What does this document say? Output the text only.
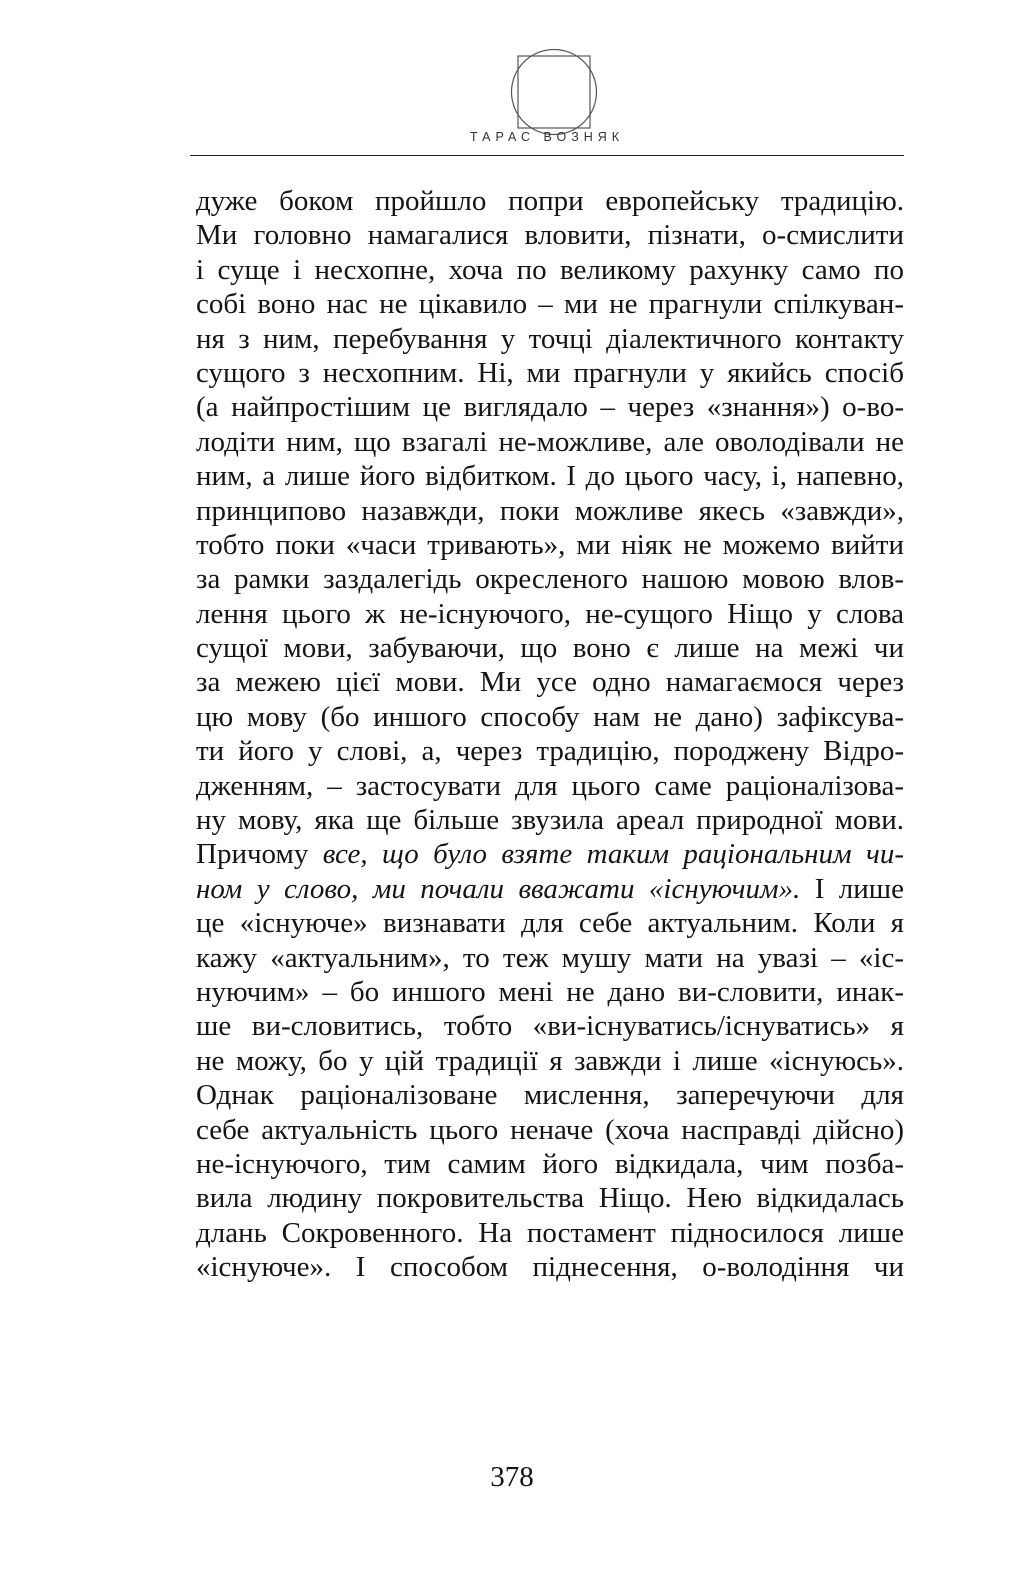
ТАРАС ВОЗНЯК
дуже боком пройшло попри европейську традицію.
Ми головно намагалися вловити, пізнати, о-смислити
і суще і несхопне, хоча по великому рахунку само по
собі воно нас не цікавило – ми не прагнули спілкуван-
ня з ним, перебування у точці діалектичного контакту
сущого з несхопним. Ні, ми прагнули у якийсь спосіб
(а найпростішим це виглядало – через «знання») о-во-
лодіти ним, що взагалі не-можливе, але оволодівали не
ним, а лише його відбитком. І до цього часу, і, напевно,
принципово назавжди, поки можливе якесь «завжди»,
тобто поки «часи тривають», ми ніяк не можемо вийти
за рамки заздалегідь окресленого нашою мовою влов-
лення цього ж не-існуючого, не-сущого Ніщо у слова
сущої мови, забуваючи, що воно є лише на межі чи
за межею цієї мови. Ми усе одно намагаємося через
цю мову (бо иншого способу нам не дано) зафіксува-
ти його у слові, а, через традицію, породжену Відро-
дженням, – застосувати для цього саме раціоналізова-
ну мову, яка ще більше звузила ареал природної мови.
Причому все, що було взяте таким раціональним чи-
ном у слово, ми почали вважати «існуючим». І лише
це «існуюче» визнавати для себе актуальним. Коли я
кажу «актуальним», то теж мушу мати на увазі – «іс-
нуючим» – бо иншого мені не дано ви-словити, инак-
ше ви-словитись, тобто «ви-існуватись/існуватись» я
не можу, бо у цій традиції я завжди і лише «існуюсь».
Однак раціоналізоване мислення, заперечуючи для
себе актуальність цього неначе (хоча насправді дійсно)
не-існуючого, тим самим його відкидала, чим позба-
вила людину покровительства Ніщо. Нею відкидалась
длань Сокровенного. На постамент підносилося лише
«існуюче». І способом піднесення, о-володіння чи
378
